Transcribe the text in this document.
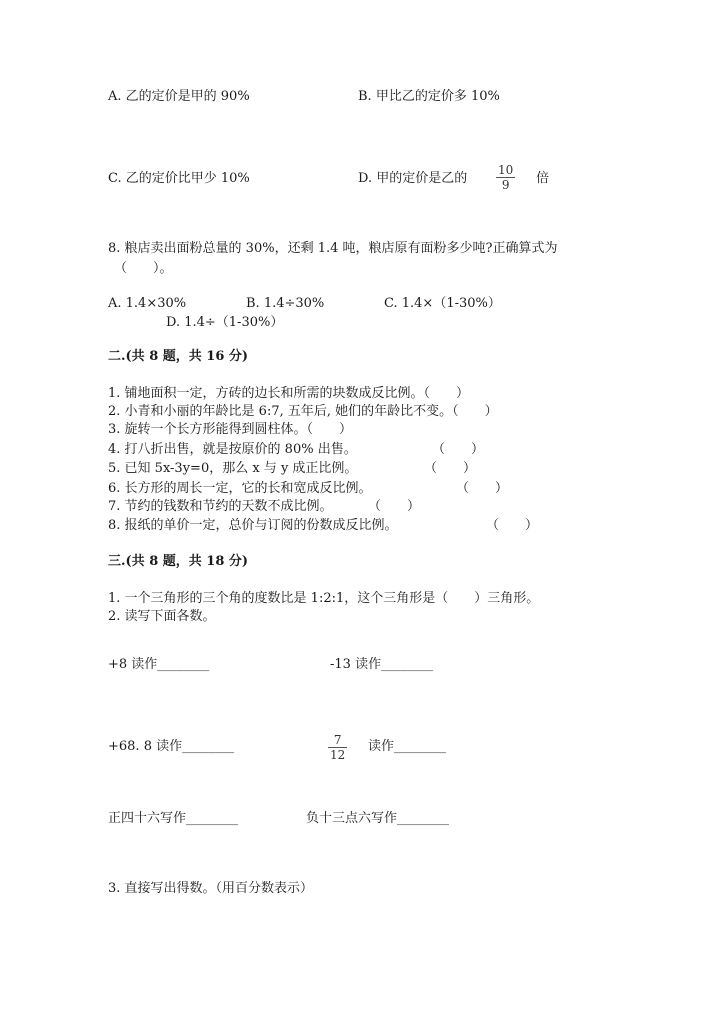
A. 乙的定价是甲的 90%	B. 甲比乙的定价多 10%
C. 乙的定价比甲少 10%	D. 甲的定价是乙的
10
9 倍
8. 粮店卖出面粉总量的 30%，还剩 1.4 吨，粮店原有面粉多少吨?正确算式为
（　　）。
A. 1.4×30%	B. 1.4÷30%	C. 1.4×（1-30%）
D. 1.4÷（1-30%）
二.(共 8 题，共 16 分)
1. 铺地面积一定，方砖的边长和所需的块数成反比例。（　　）
2. 小青和小丽的年龄比是 6:7, 五年后, 她们的年龄比不变。（　　）
3. 旋转一个长方形能得到圆柱体。（　　）
4. 打八折出售，就是按原价的 80% 出售。	（　　）
5. 已知 5x-3y=0，那么 x 与 y 成正比例。	（　　）
6. 长方形的周长一定，它的长和宽成反比例。	（　　）
7. 节约的钱数和节约的天数不成比例。	（　　）
8. 报纸的单价一定，总价与订阅的份数成反比例。	（　　）
三.(共 8 题，共 18 分)
1. 一个三角形的三个角的度数比是 1:2:1，这个三角形是（　　）三角形。
2. 读写下面各数。
+8 读作________	-13 读作________
+68. 8 读作________	7
12
读作________
正四十六写作________	负十三点六写作________
3. 直接写出得数。（用百分数表示）
